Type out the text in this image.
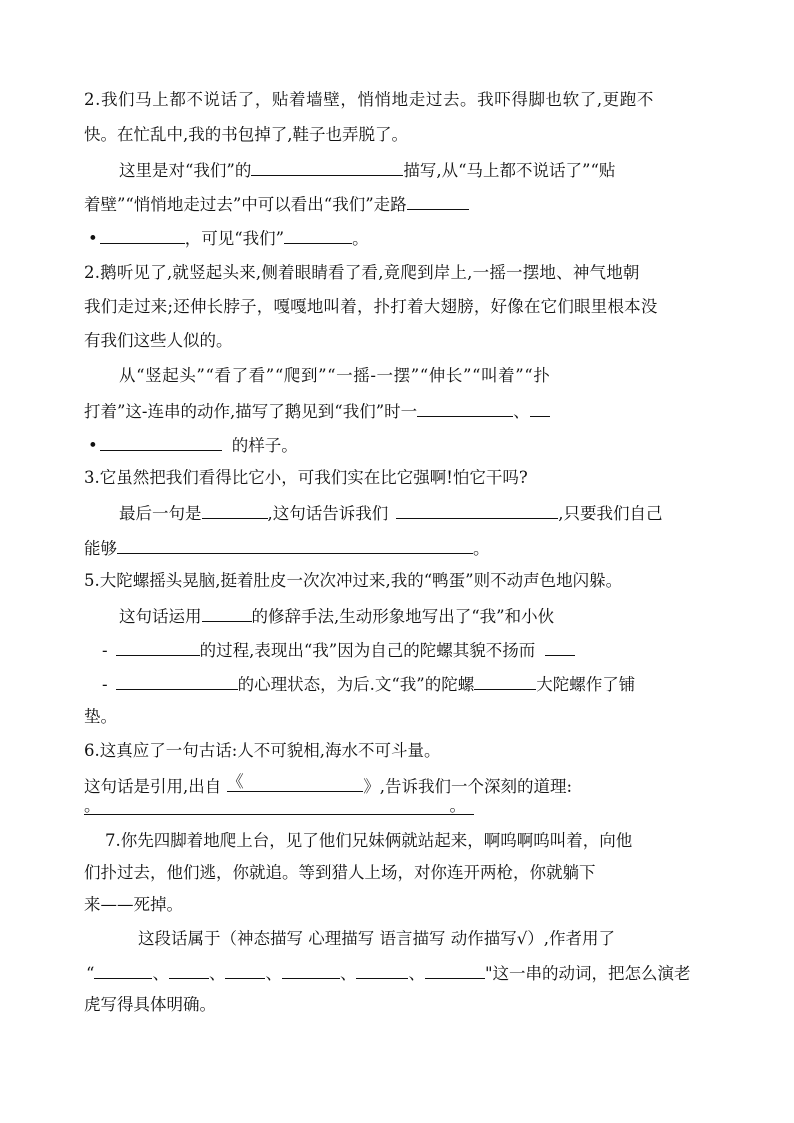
2.我们马上都不说话了，贴着墙壁，悄悄地走过去。我吓得脚也软了,更跑不
快。在忙乱中,我的书包掉了,鞋子也弄脱了。
这里是对“我们”的	描写,从“马上都不说话了”“贴
着壁”“悄悄地走过去”中可以看出“我们”走路
•	，可见“我们”	。
2.鹅听见了,就竖起头来,侧着眼睛看了看,竟爬到岸上,一摇一摆地、神气地朝
我们走过来;还伸长脖子，嘎嘎地叫着，扑打着大翅膀，好像在它们眼里根本没
有我们这些人似的。
从“竖起头”“看了看”“爬到”“一摇-一摆”“伸长”“叫着”“扑
打着”这-连串的动作,描写了鹅见到“我们”时一	、
•	的样子。
3.它虽然把我们看得比它小，可我们实在比它强啊!怕它干吗?
最后一句是	,这句话告诉我们	,只要我们自己
能够	。
5.大陀螺摇头晃脑,挺着肚皮一次次冲过来,我的“鸭蛋”则不动声色地闪躲。
这句话运用	的修辞手法,生动形象地写出了“我”和小伙
-	的过程,表现出“我”因为自己的陀螺其貌不扬而
-	的心理状态，为后.文“我”的陀螺	大陀螺作了铺
垫。
6.这真应了一句古话:人不可貌相,海水不可斗量。
这句话是引用,出自 《	》,告诉我们一个深刻的道理:
。	。
7.你先四脚着地爬上台，见了他们兄妹俩就站起来，啊呜啊呜叫着，向他
们扑过去，他们逃，你就追。等到猎人上场，对你连开两枪，你就躺下
来——死掉。
这段话属于（神态描写 心理描写 语言描写 动作描写√）,作者用了
“	、 、 、	、	、	"这一串的动词，把怎么演老
虎写得具体明确。
